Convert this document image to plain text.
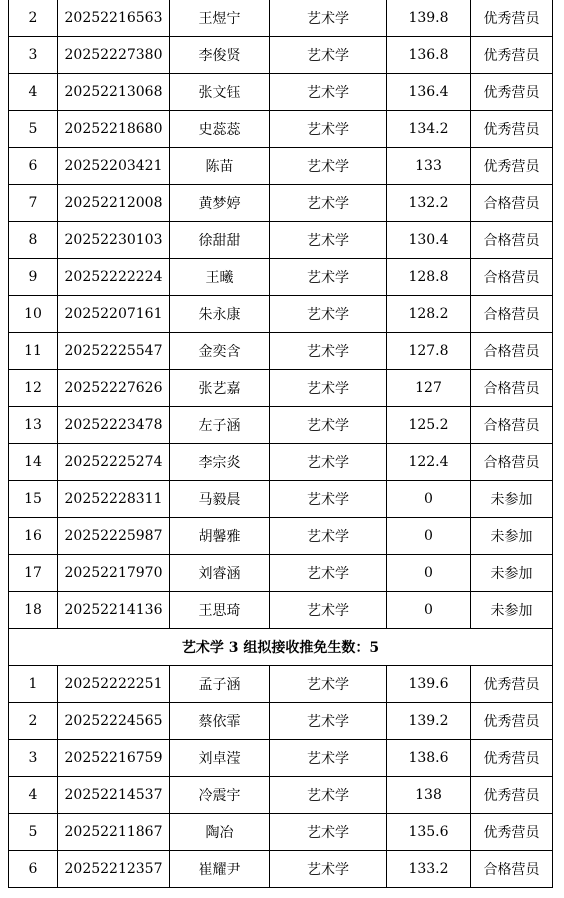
2	20252216563	王煜宁	艺术学	139.8	优秀营员
3	20252227380	李俊贤	艺术学	136.8	优秀营员
4	20252213068	张文钰	艺术学	136.4	优秀营员
5	20252218680	史蕊蕊	艺术学	134.2	优秀营员
6	20252203421	陈苗	艺术学	133	优秀营员
7	20252212008	黄梦婷	艺术学	132.2	合格营员
8	20252230103	徐甜甜	艺术学	130.4	合格营员
9	20252222224	王曦	艺术学	128.8	合格营员
10	20252207161	朱永康	艺术学	128.2	合格营员
11	20252225547	金奕含	艺术学	127.8	合格营员
12	20252227626	张艺嘉	艺术学	127	合格营员
13	20252223478	左子涵	艺术学	125.2	合格营员
14	20252225274	李宗炎	艺术学	122.4	合格营员
15	20252228311	马毅晨	艺术学	0	未参加
16	20252225987	胡馨雅	艺术学	0	未参加
17	20252217970	刘睿涵	艺术学	0	未参加
18	20252214136	王思琦	艺术学	0	未参加
艺术学 3 组拟接收推免生数：5					
1	20252222251	孟子涵	艺术学	139.6	优秀营员
2	20252224565	蔡依霏	艺术学	139.2	优秀营员
3	20252216759	刘卓滢	艺术学	138.6	优秀营员
4	20252214537	冷震宇	艺术学	138	优秀营员
5	20252211867	陶冶	艺术学	135.6	优秀营员
6	20252212357	崔耀尹	艺术学	133.2	合格营员
